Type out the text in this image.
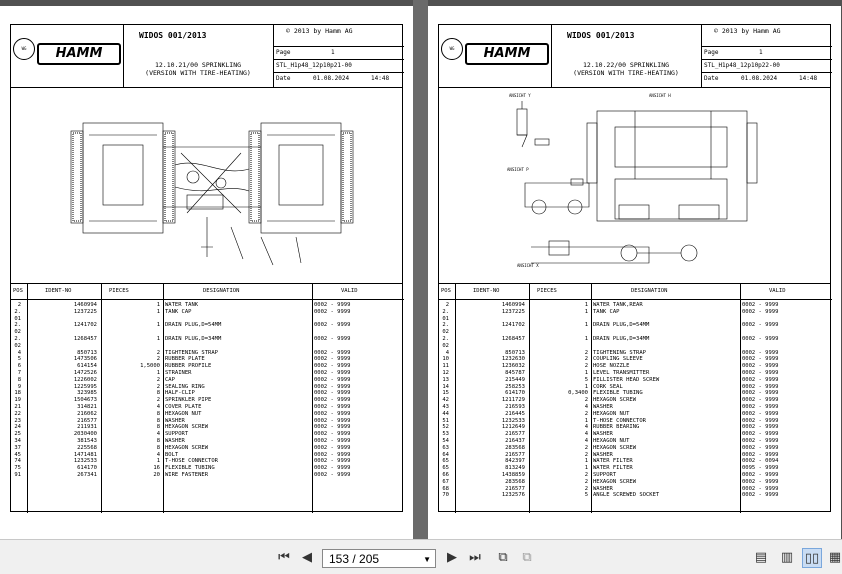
WG	HAMM
WIDOS 001/2013	© 2013 by Hamm AG
12.10.21/00 SPRINKLING
(VERSION WITH TIRE-HEATING)
Page	1
STL_H1p48_12p10p21-00
Date	01.08.2024	14:48
POS	IDENT-NO	PIECES	DESIGNATION	VALID
2	1460994	1 WATER TANK	0002 - 9999
2.	1237225	1 TANK CAP	0002 - 9999
01
2.	1241702	1 DRAIN PLUG,D=54MM	0002 - 9999
02
2.	1268457	1 DRAIN PLUG,D=34MM	0002 - 9999
02
4	850713	2 TIGHTENING STRAP	0002 - 9999
5	1473506	2 RUBBER PLATE	0002 - 9999
6	614154	1,5000 RUBBER PROFILE	0002 - 9999
7	1472526	1 STRAINER	0002 - 9999
8	1226002	2 CAP	0002 - 9999
9	1225995	2 SEALING RING	0002 - 9999
18	323985	8 HALF-CLIP	0002 - 9999
19	1504673	2 SPRINKLER PIPE	0002 - 9999
21	314821	4 COVER PLATE	0002 - 9999
22	216062	8 HEXAGON NUT	0002 - 9999
23	216577	8 WASHER	0002 - 9999
24	211931	8 HEXAGON SCREW	0002 - 9999
25	2030400	4 SUPPORT	0002 - 9999
34	381543	8 WASHER	0002 - 9999
37	225568	8 HEXAGON SCREW	0002 - 9999
45	1471481	4 BOLT	0002 - 9999
74	1232533	1 T-HOSE CONNECTOR	0002 - 9999
75	614170	16 FLEXIBLE TUBING	0002 - 9999
91	267341	20 WIRE FASTENER	0002 - 9999
WG	HAMM
WIDOS 001/2013	© 2013 by Hamm AG
12.10.22/00 SPRINKLING
(VERSION WITH TIRE-HEATING)
Page	1
STL_H1p48_12p10p22-00
Date	01.08.2024	14:48
ANSICHT Y	ANSICHT H
ANSICHT P
ANSICHT X
POS	IDENT-NO	PIECES	DESIGNATION	VALID
2	1460994	1 WATER TANK,REAR	0002 - 9999
2.	1237225	1 TANK CAP	0002 - 9999
01
2.	1241702	1 DRAIN PLUG,D=54MM	0002 - 9999
02
2.	1268457	1 DRAIN PLUG,D=34MM	0002 - 9999
02
4	850713	2 TIGHTENING STRAP	0002 - 9999
10	1232630	2 COUPLING SLEEVE	0002 - 9999
11	1236032	2 HOSE NOZZLE	0002 - 9999
12	845787	1 LEVEL TRANSMITTER	0002 - 9999
13	215449	5 FILLISTER HEAD SCREW	0002 - 9999
14	258253	1 CORK SEAL	0002 - 9999
15	614170	0,3400 FLEXIBLE TUBING	0002 - 9999
42	1211729	2 HEXAGON SCREW	0002 - 9999
43	216593	4 WASHER	0002 - 9999
44	216445	2 HEXAGON NUT	0002 - 9999
51	1232533	1 T-HOSE CONNECTOR	0002 - 9999
52	1212649	4 RUBBER BEARING	0002 - 9999
53	216577	4 WASHER	0002 - 9999
54	216437	4 HEXAGON NUT	0002 - 9999
63	283568	2 HEXAGON SCREW	0002 - 9999
64	216577	2 WASHER	0002 - 9999
65	842397	1 WATER FILTER	0002 - 0094
65	813249	1 WATER FILTER	0095 - 9999
66	1438859	2 SUPPORT	0002 - 9999
67	283568	2 HEXAGON SCREW	0002 - 9999
68	216577	2 WASHER	0002 - 9999
70	1232576	5 ANGLE SCREWED SOCKET	0002 - 9999
⏮ ◀	153 / 205	▼ ▶ ⏭ ⧉ ⧉	▤ ▥ ▯▯ ▦
